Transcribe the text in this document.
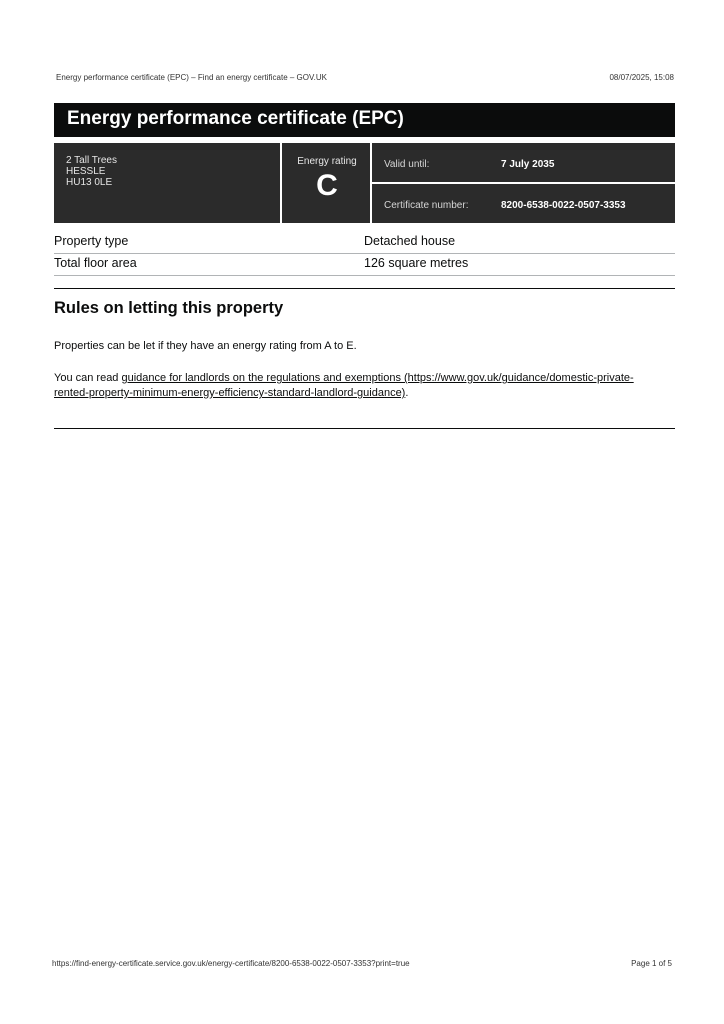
Energy performance certificate (EPC) – Find an energy certificate – GOV.UK	08/07/2025, 15:08
Energy performance certificate (EPC)
2 Tall Trees
HESSLE
HU13 0LE
Energy rating
C
Valid until:	7 July 2035
Certificate number:	8200-6538-0022-0507-3353
Property type	Detached house
Total floor area	126 square metres
Rules on letting this property
Properties can be let if they have an energy rating from A to E.
You can read guidance for landlords on the regulations and exemptions (https://www.gov.uk/guidance/domestic-private-rented-property-minimum-energy-efficiency-standard-landlord-guidance).
https://find-energy-certificate.service.gov.uk/energy-certificate/8200-6538-0022-0507-3353?print=true	Page 1 of 5
